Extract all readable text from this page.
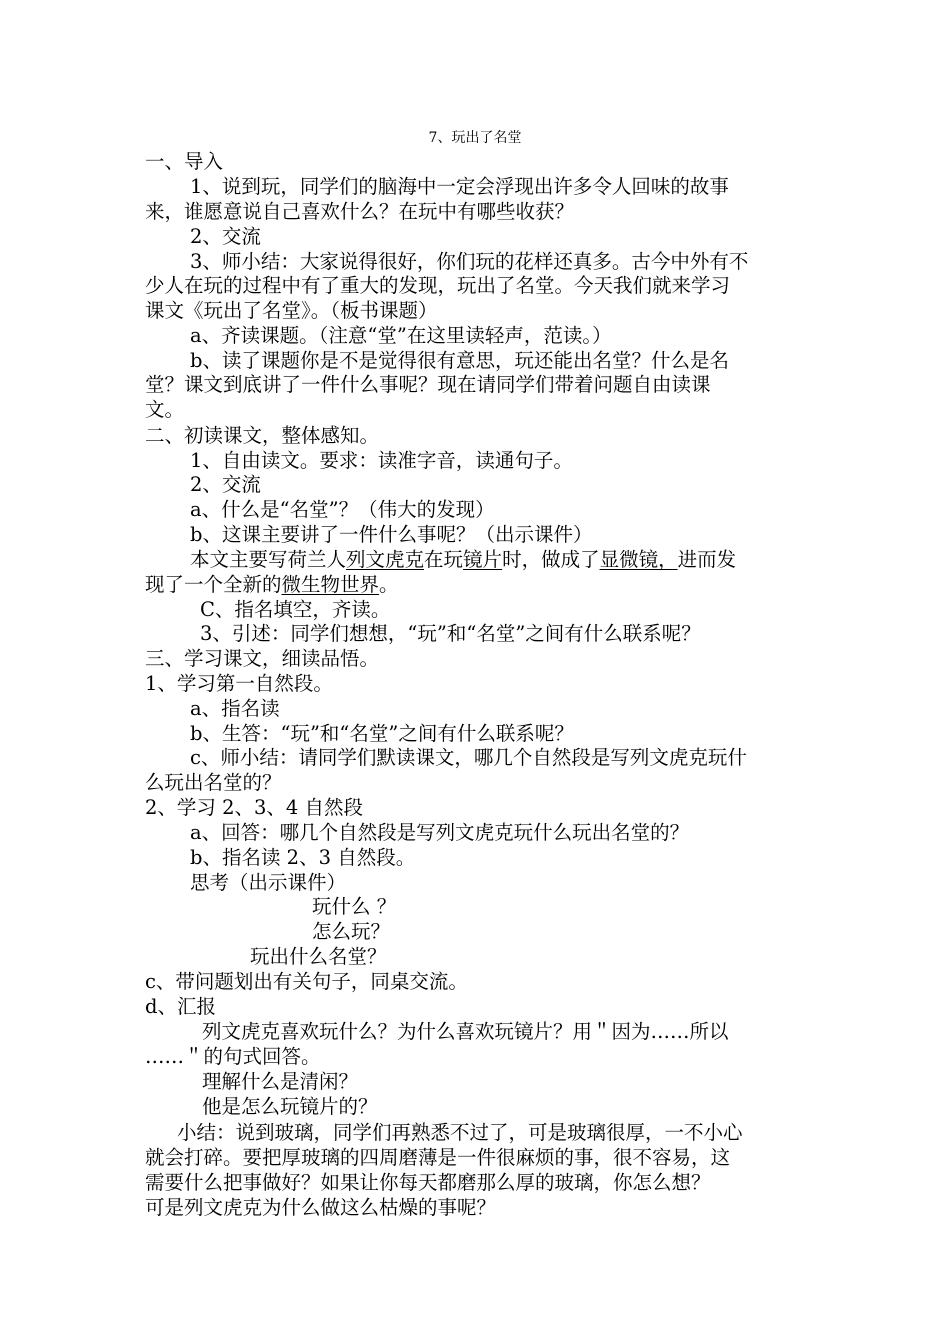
7、玩出了名堂
一、导入
1、说到玩，同学们的脑海中一定会浮现出许多令人回味的故事
来，谁愿意说自己喜欢什么？在玩中有哪些收获？
2、交流
3、师小结：大家说得很好，你们玩的花样还真多。古今中外有不
少人在玩的过程中有了重大的发现，玩出了名堂。今天我们就来学习
课文《玩出了名堂》。（板书课题）
a、齐读课题。（注意“堂”在这里读轻声，范读。）
b、读了课题你是不是觉得很有意思，玩还能出名堂？什么是名
堂？课文到底讲了一件什么事呢？现在请同学们带着问题自由读课
文。
二、初读课文，整体感知。
1、自由读文。要求：读准字音，读通句子。
2、交流
a、什么是“名堂”？（伟大的发现）
b、这课主要讲了一件什么事呢？（出示课件）
本文主要写荷兰人列文虎克在玩镜片时，做成了显微镜，进而发
现了一个全新的微生物世界。
C、指名填空，齐读。
3、引述：同学们想想，“玩”和“名堂”之间有什么联系呢？
三、学习课文，细读品悟。
1、学习第一自然段。
a、指名读
b、生答：“玩”和“名堂”之间有什么联系呢？
c、师小结：请同学们默读课文，哪几个自然段是写列文虎克玩什
么玩出名堂的？
2、学习 2、3、4 自然段
a、回答：哪几个自然段是写列文虎克玩什么玩出名堂的？
b、指名读 2、3 自然段。
思考（出示课件）
玩什么 ？
怎么玩？
玩出什么名堂？
c、带问题划出有关句子，同桌交流。
d、汇报
列文虎克喜欢玩什么？为什么喜欢玩镜片？用＂因为……所以
……＂的句式回答。
理解什么是清闲？
他是怎么玩镜片的？
小结：说到玻璃，同学们再熟悉不过了，可是玻璃很厚，一不小心
就会打碎。要把厚玻璃的四周磨薄是一件很麻烦的事，很不容易，这
需要什么把事做好？如果让你每天都磨那么厚的玻璃，你怎么想？
可是列文虎克为什么做这么枯燥的事呢？
